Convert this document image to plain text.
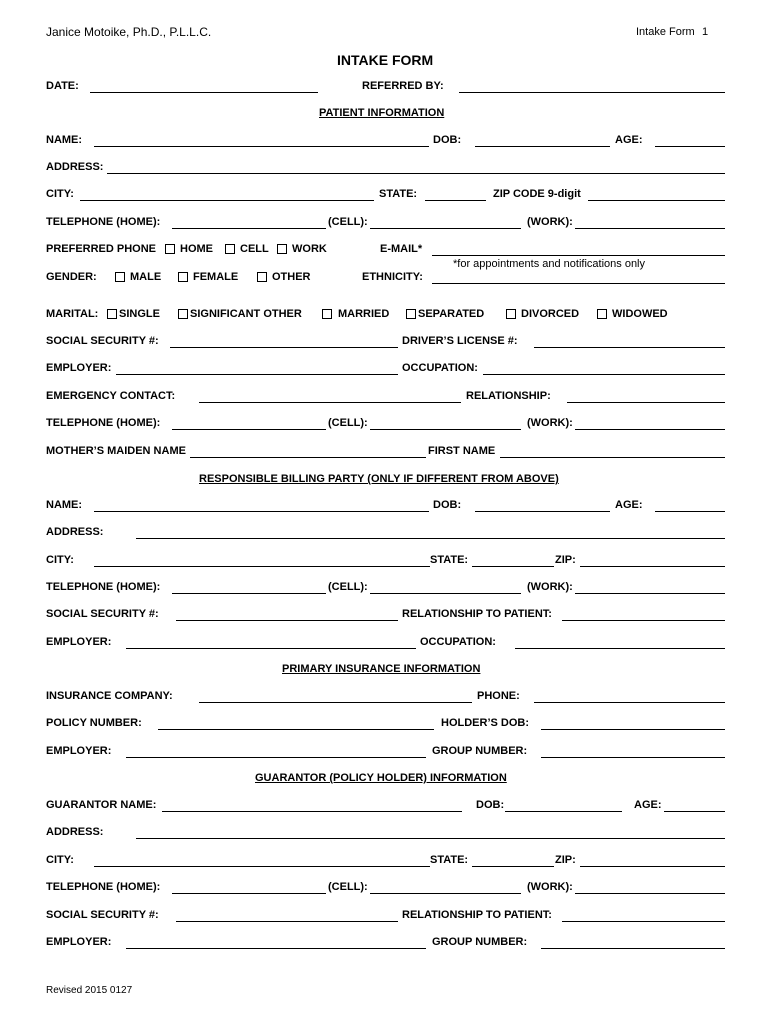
Janice Motoike, Ph.D., P.L.L.C.	Intake Form 1
INTAKE FORM
DATE:	REFERRED BY:
PATIENT INFORMATION
NAME:	DOB:	AGE:
ADDRESS:
CITY:	STATE:	ZIP CODE 9-digit
TELEPHONE (HOME):	(CELL):	(WORK):
PREFERRED PHONE HOME CELL WORK	E-MAIL*
*for appointments and notifications only
GENDER:	MALE	FEMALE	OTHER	ETHNICITY:
MARITAL: SINGLE	SIGNIFICANT OTHER	MARRIED	SEPARATED	DIVORCED	WIDOWED
SOCIAL SECURITY #:	DRIVER’S LICENSE #:
EMPLOYER:	OCCUPATION:
EMERGENCY CONTACT:	RELATIONSHIP:
TELEPHONE (HOME):	(CELL):	(WORK):
MOTHER’S MAIDEN NAME	FIRST NAME
RESPONSIBLE BILLING PARTY (ONLY IF DIFFERENT FROM ABOVE)
NAME:	DOB:	AGE:
ADDRESS:
CITY:	STATE:	ZIP:
TELEPHONE (HOME):	(CELL):	(WORK):
SOCIAL SECURITY #:	RELATIONSHIP TO PATIENT:
EMPLOYER:	OCCUPATION:
PRIMARY INSURANCE INFORMATION
INSURANCE COMPANY:	PHONE:
POLICY NUMBER:	HOLDER’S DOB:
EMPLOYER:	GROUP NUMBER:
GUARANTOR (POLICY HOLDER) INFORMATION
GUARANTOR NAME:	DOB:	AGE:
ADDRESS:
CITY:	STATE:	ZIP:
TELEPHONE (HOME):	(CELL):	(WORK):
SOCIAL SECURITY #:	RELATIONSHIP TO PATIENT:
EMPLOYER:	GROUP NUMBER:
Revised 2015 0127
